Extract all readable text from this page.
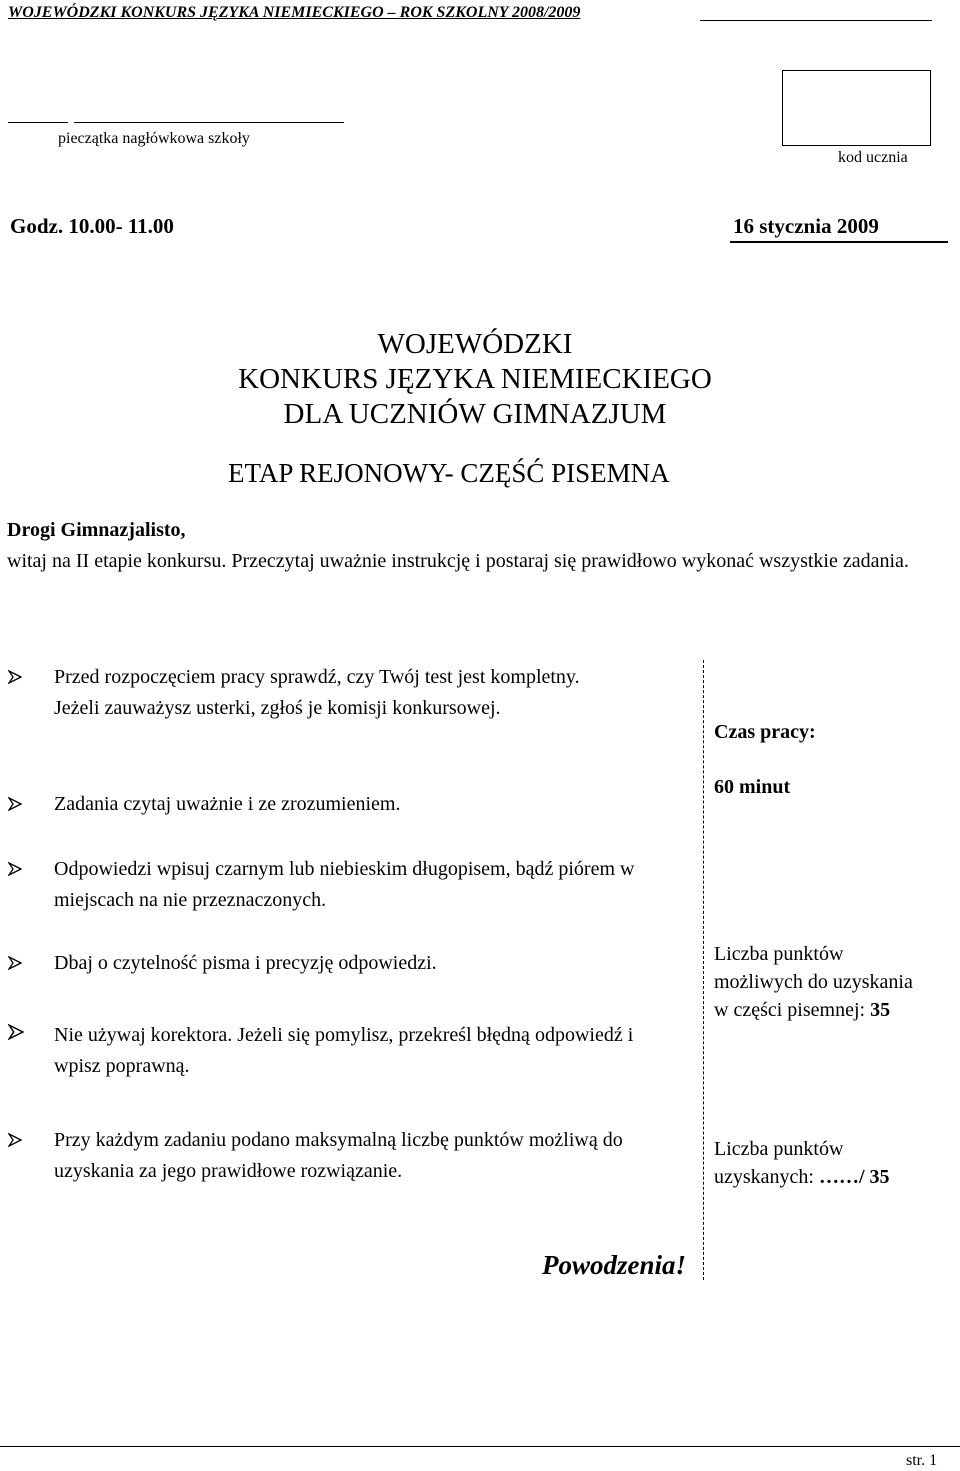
WOJEWÓDZKI KONKURS JĘZYKA NIEMIECKIEGO – ROK SZKOLNY 2008/2009
pieczątka nagłówkowa szkoły
kod ucznia
Godz. 10.00- 11.00	16 stycznia 2009
WOJEWÓDZKI
KONKURS JĘZYKA NIEMIECKIEGO
DLA UCZNIÓW GIMNAZJUM
ETAP REJONOWY- CZĘŚĆ PISEMNA
Drogi Gimnazjalisto,
witaj na II etapie konkursu. Przeczytaj uważnie instrukcję i postaraj się prawidłowo wykonać wszystkie zadania.
Przed rozpoczęciem pracy sprawdź, czy Twój test jest kompletny. Jeżeli zauważysz usterki, zgłoś je komisji konkursowej.
Zadania czytaj uważnie i ze zrozumieniem.
Odpowiedzi wpisuj czarnym lub niebieskim długopisem, bądź piórem w miejscach na nie przeznaczonych.
Dbaj o czytelność pisma i precyzję odpowiedzi.
Nie używaj korektora. Jeżeli się pomylisz, przekreśl błędną odpowiedź i wpisz poprawną.
Przy każdym zadaniu podano maksymalną liczbę punktów możliwą do uzyskania za jego prawidłowe rozwiązanie.
Czas pracy:
60 minut
Liczba punktów możliwych do uzyskania w części pisemnej: 35
Liczba punktów uzyskanych: ……/ 35
Powodzenia!
str. 1
